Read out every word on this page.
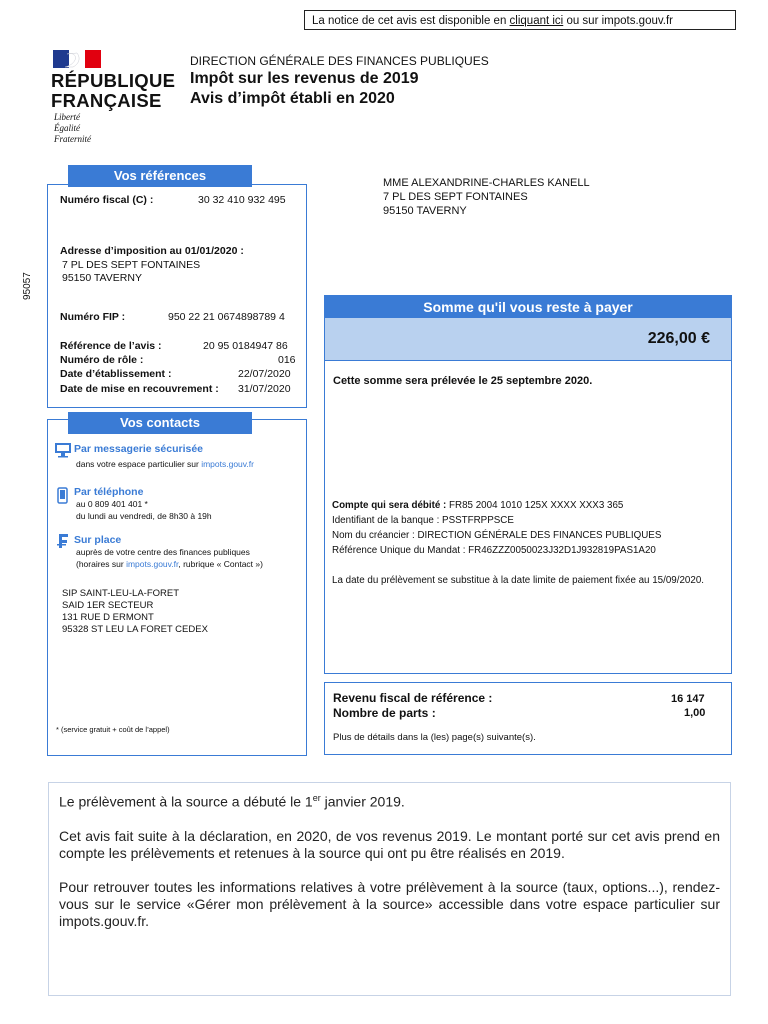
La notice de cet avis est disponible en cliquant ici ou sur impots.gouv.fr
RÉPUBLIQUE
FRANÇAISE
Liberté
Égalité
Fraternité
DIRECTION GÉNÉRALE DES FINANCES PUBLIQUES
Impôt sur les revenus de 2019
Avis d’impôt établi en 2020
95057
Vos références
Numéro fiscal (C) :	30 32 410 932 495
Adresse d’imposition au 01/01/2020 :
7 PL DES SEPT FONTAINES
95150 TAVERNY
Numéro FIP :	950 22 21 0674898789 4
Référence de l’avis :	20 95 0184947 86
Numéro de rôle :	016
Date d’établissement :	22/07/2020
Date de mise en recouvrement : 31/07/2020
Vos contacts
Par messagerie sécurisée
dans votre espace particulier sur impots.gouv.fr
Par téléphone
au 0 809 401 401 *
du lundi au vendredi, de 8h30 à 19h
Sur place
auprès de votre centre des finances publiques
(horaires sur impots.gouv.fr, rubrique « Contact »)
SIP SAINT-LEU-LA-FORET
SAID 1ER SECTEUR
131 RUE D ERMONT
95328 ST LEU LA FORET CEDEX
* (service gratuit + coût de l’appel)
MME ALEXANDRINE-CHARLES KANELL
7 PL DES SEPT FONTAINES
95150 TAVERNY
Somme qu'il vous reste à payer
226,00 €
Cette somme sera prélevée le 25 septembre 2020.
Compte qui sera débité : FR85 2004 1010 125X XXXX XXX3 365
Identifiant de la banque : PSSTFRPPSCE
Nom du créancier : DIRECTION GÉNÉRALE DES FINANCES PUBLIQUES
Référence Unique du Mandat : FR46ZZZ0050023J32D1J932819PAS1A20
La date du prélèvement se substitue à la date limite de paiement fixée au 15/09/2020.
Revenu fiscal de référence :	16 147
Nombre de parts :	1,00
Plus de détails dans la (les) page(s) suivante(s).

Le prélèvement à la source a débuté le 1er janvier 2019.

Cet avis fait suite à la déclaration, en 2020, de vos revenus 2019. Le montant porté sur cet avis prend en compte les prélèvements et retenues à la source qui ont pu être réalisés en 2019.

Pour retrouver toutes les informations relatives à votre prélèvement à la source (taux, options...), rendez-vous sur le service «Gérer mon prélèvement à la source» accessible dans votre espace particulier sur impots.gouv.fr.
